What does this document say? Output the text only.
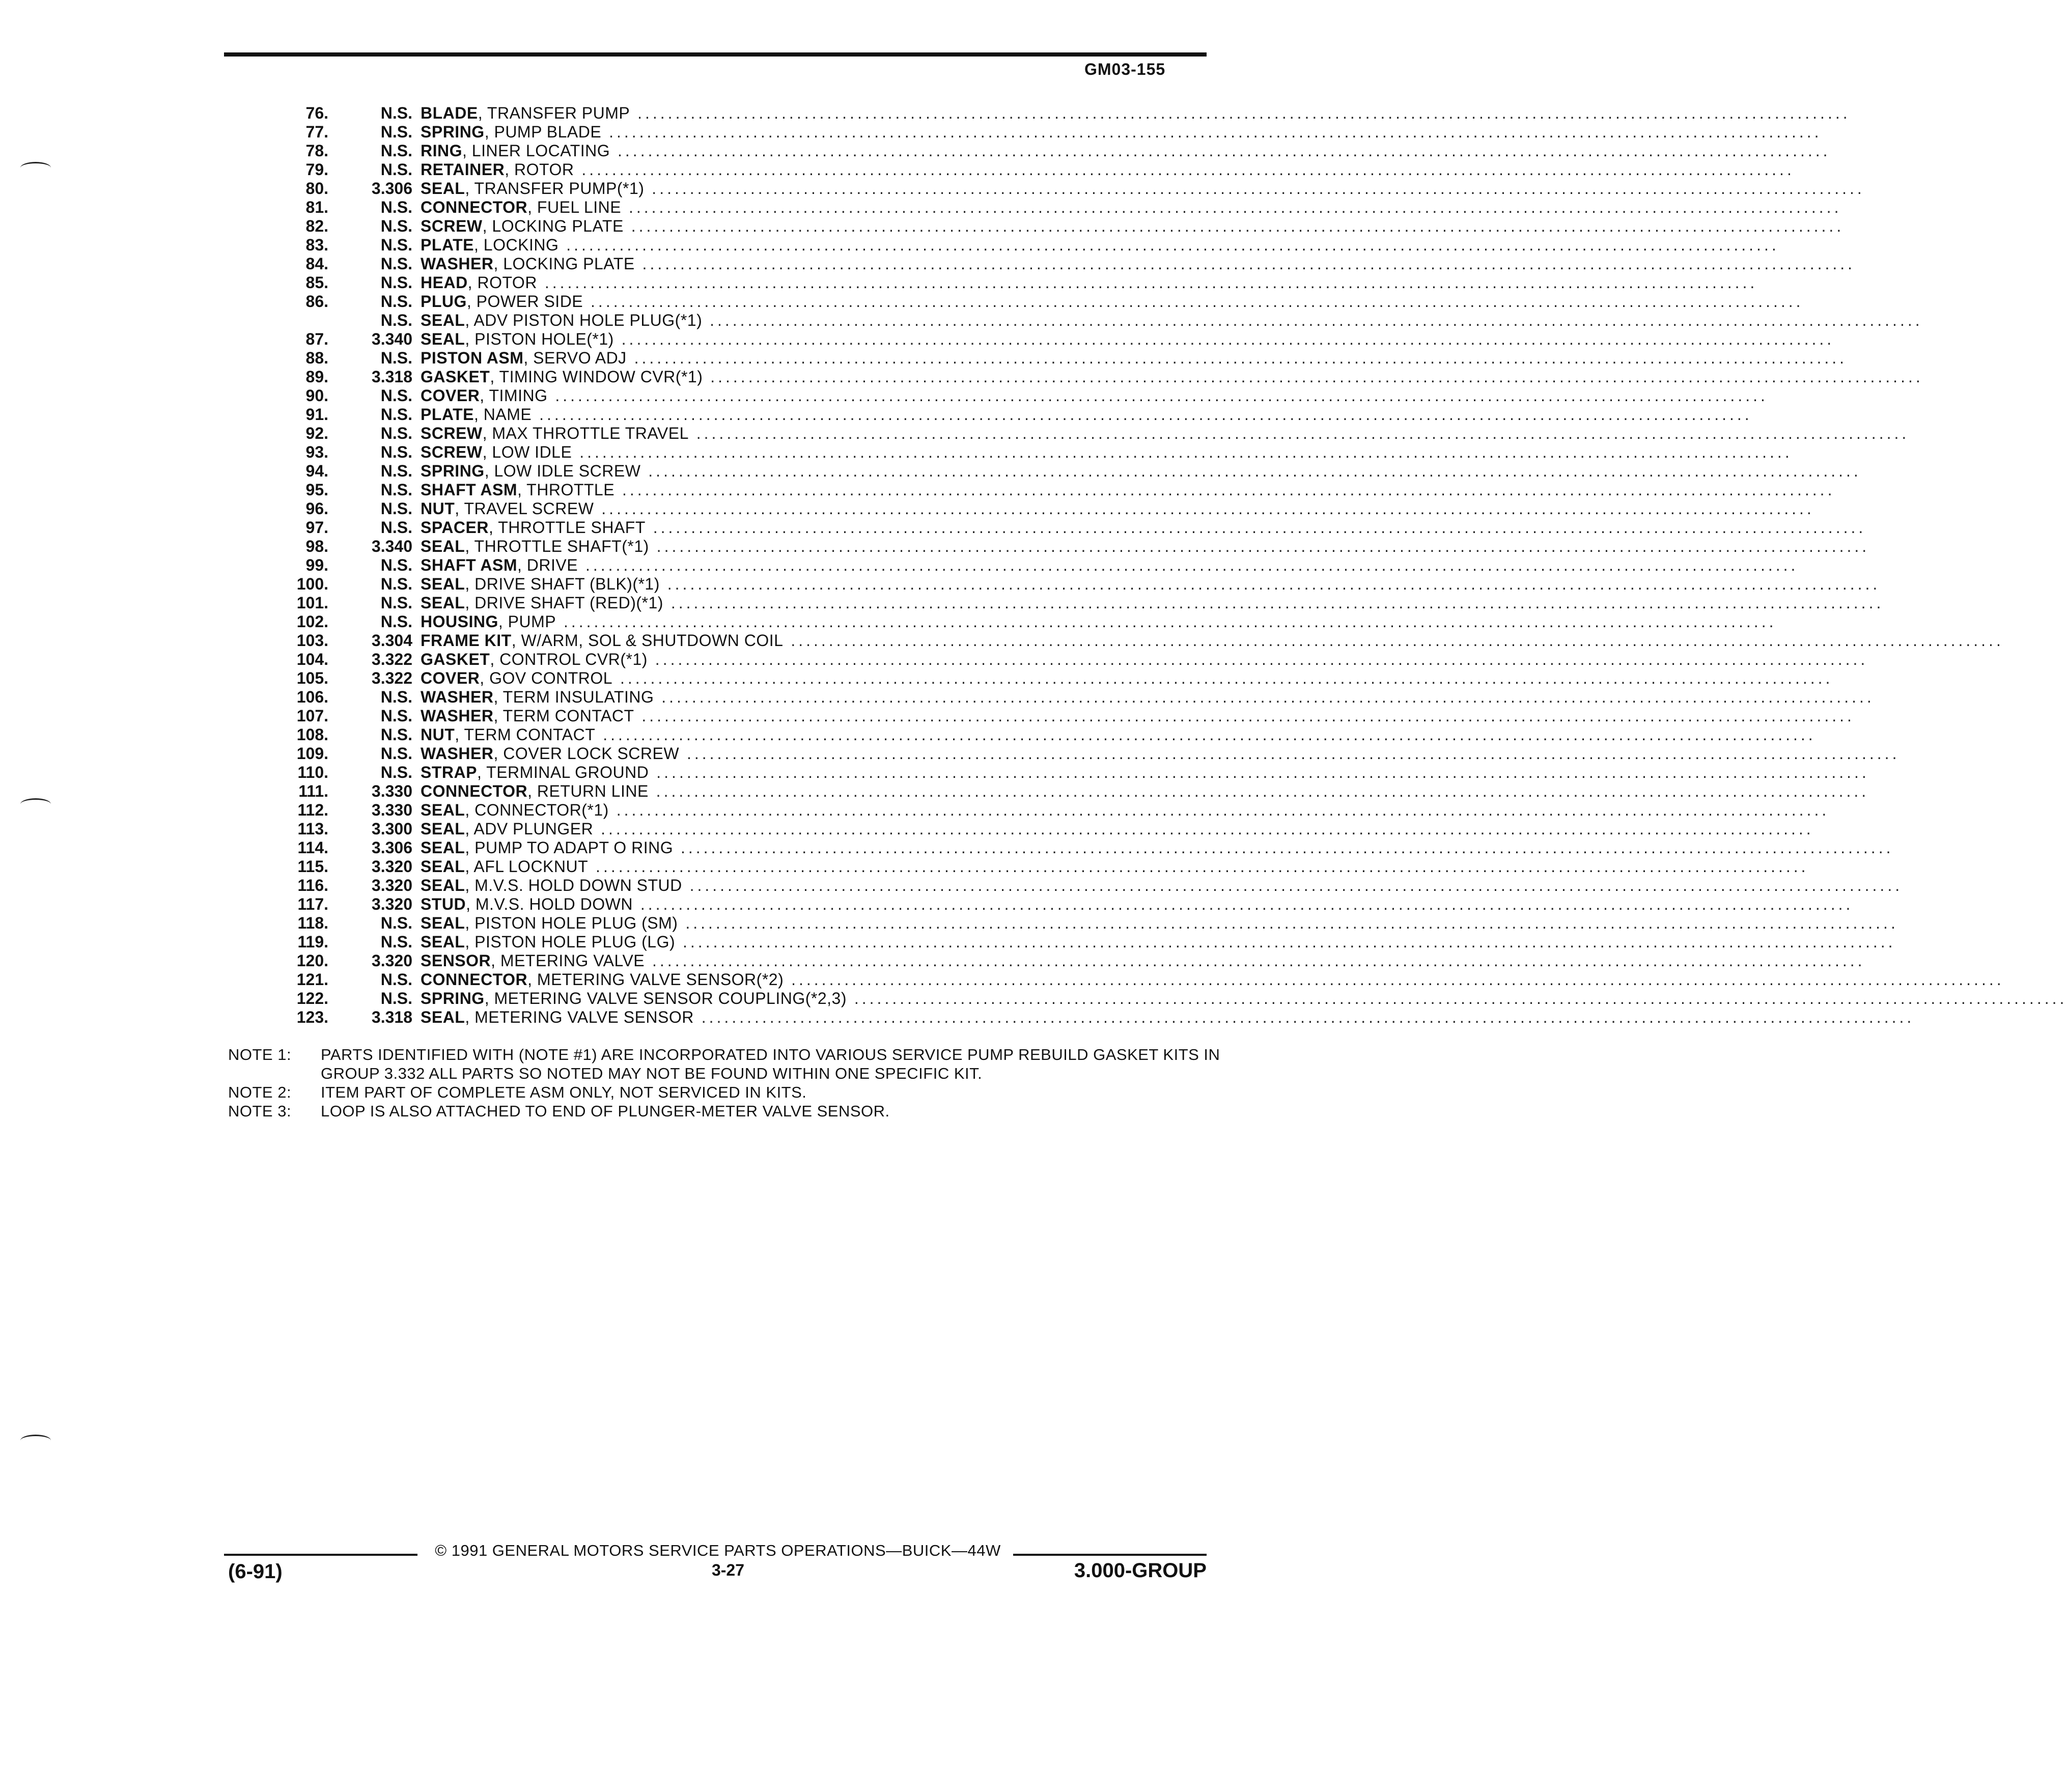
GM03-155
76.	N.S. BLADE, TRANSFER PUMP ................................................................................................................................................................
77.	N.S. SPRING, PUMP BLADE ................................................................................................................................................................
78.	N.S. RING, LINER LOCATING ................................................................................................................................................................
79.	N.S. RETAINER, ROTOR ................................................................................................................................................................
80.	3.306 SEAL, TRANSFER PUMP(*1) ................................................................................................................................................................
81.	N.S. CONNECTOR, FUEL LINE ................................................................................................................................................................
82.	N.S. SCREW, LOCKING PLATE ................................................................................................................................................................
83.	N.S. PLATE, LOCKING ................................................................................................................................................................
84.	N.S. WASHER, LOCKING PLATE ................................................................................................................................................................
85.	N.S. HEAD, ROTOR ................................................................................................................................................................
86.	N.S. PLUG, POWER SIDE ................................................................................................................................................................
N.S. SEAL, ADV PISTON HOLE PLUG(*1) ................................................................................................................................................................
87.	3.340 SEAL, PISTON HOLE(*1) ................................................................................................................................................................
88.	N.S. PISTON ASM, SERVO ADJ ................................................................................................................................................................
89.	3.318 GASKET, TIMING WINDOW CVR(*1) ................................................................................................................................................................
90.	N.S. COVER, TIMING ................................................................................................................................................................
91.	N.S. PLATE, NAME ................................................................................................................................................................
92.	N.S. SCREW, MAX THROTTLE TRAVEL ................................................................................................................................................................
93.	N.S. SCREW, LOW IDLE ................................................................................................................................................................
94.	N.S. SPRING, LOW IDLE SCREW ................................................................................................................................................................
95.	N.S. SHAFT ASM, THROTTLE ................................................................................................................................................................
96.	N.S. NUT, TRAVEL SCREW ................................................................................................................................................................
97.	N.S. SPACER, THROTTLE SHAFT ................................................................................................................................................................
98.	3.340 SEAL, THROTTLE SHAFT(*1) ................................................................................................................................................................
99.	N.S. SHAFT ASM, DRIVE ................................................................................................................................................................
100.	N.S. SEAL, DRIVE SHAFT (BLK)(*1) ................................................................................................................................................................
101.	N.S. SEAL, DRIVE SHAFT (RED)(*1) ................................................................................................................................................................
102.	N.S. HOUSING, PUMP ................................................................................................................................................................
103.	3.304 FRAME KIT, W/ARM, SOL & SHUTDOWN COIL ................................................................................................................................................................
104.	3.322 GASKET, CONTROL CVR(*1) ................................................................................................................................................................
105.	3.322 COVER, GOV CONTROL ................................................................................................................................................................
106.	N.S. WASHER, TERM INSULATING ................................................................................................................................................................
107.	N.S. WASHER, TERM CONTACT ................................................................................................................................................................
108.	N.S. NUT, TERM CONTACT ................................................................................................................................................................
109.	N.S. WASHER, COVER LOCK SCREW ................................................................................................................................................................
110.	N.S. STRAP, TERMINAL GROUND ................................................................................................................................................................
111.	3.330 CONNECTOR, RETURN LINE ................................................................................................................................................................
112.	3.330 SEAL, CONNECTOR(*1) ................................................................................................................................................................
113.	3.300 SEAL, ADV PLUNGER ................................................................................................................................................................
114.	3.306 SEAL, PUMP TO ADAPT O RING ................................................................................................................................................................
115.	3.320 SEAL, AFL LOCKNUT ................................................................................................................................................................
116.	3.320 SEAL, M.V.S. HOLD DOWN STUD ................................................................................................................................................................
117.	3.320 STUD, M.V.S. HOLD DOWN ................................................................................................................................................................
118.	N.S. SEAL, PISTON HOLE PLUG (SM) ................................................................................................................................................................
119.	N.S. SEAL, PISTON HOLE PLUG (LG) ................................................................................................................................................................
120.	3.320 SENSOR, METERING VALVE ................................................................................................................................................................
121.	N.S. CONNECTOR, METERING VALVE SENSOR(*2) ................................................................................................................................................................
122.	N.S. SPRING, METERING VALVE SENSOR COUPLING(*2,3) ................................................................................................................................................................
123.	3.318 SEAL, METERING VALVE SENSOR ................................................................................................................................................................
NOTE 1:	PARTS IDENTIFIED WITH (NOTE #1) ARE INCORPORATED INTO VARIOUS SERVICE PUMP REBUILD GASKET KITS IN GROUP 3.332 ALL PARTS SO NOTED MAY NOT BE FOUND WITHIN ONE SPECIFIC KIT.
NOTE 2:	ITEM PART OF COMPLETE ASM ONLY, NOT SERVICED IN KITS.
NOTE 3:	LOOP IS ALSO ATTACHED TO END OF PLUNGER-METER VALVE SENSOR.
© 1991 GENERAL MOTORS SERVICE PARTS OPERATIONS—BUICK—44W
(6-91)	3-27	3.000-GROUP
